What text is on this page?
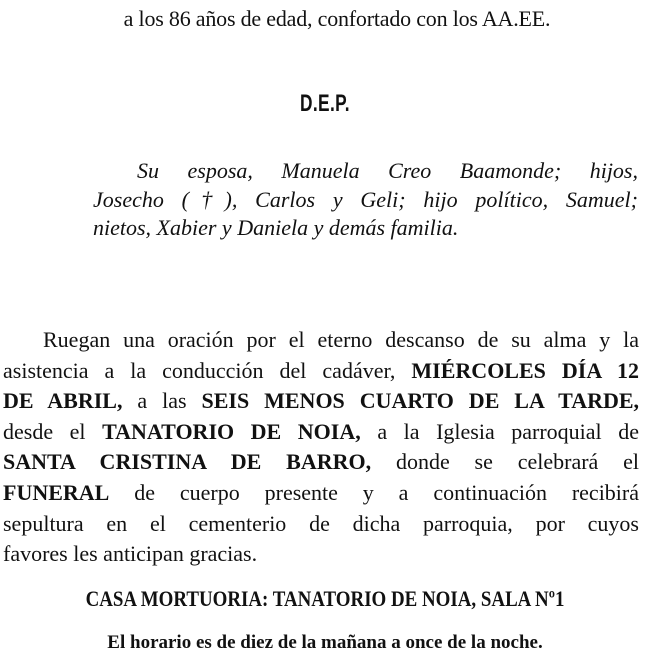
a los 86 años de edad, confortado con los AA.EE.
D.E.P.
Su esposa, Manuela Creo Baamonde; hijos,
Josecho (†), Carlos y Geli; hijo político, Samuel;
nietos, Xabier y Daniela y demás familia.
Ruegan una oración por el eterno descanso de su alma y la
asistencia a la conducción del cadáver, MIÉRCOLES DÍA 12
DE ABRIL, a las SEIS MENOS CUARTO DE LA TARDE,
desde el TANATORIO DE NOIA, a la Iglesia parroquial de
SANTA CRISTINA DE BARRO, donde se celebrará el
FUNERAL de cuerpo presente y a continuación recibirá
sepultura en el cementerio de dicha parroquia, por cuyos
favores les anticipan gracias.
CASA MORTUORIA: TANATORIO DE NOIA, SALA Nº1
El horario es de diez de la mañana a once de la noche.
